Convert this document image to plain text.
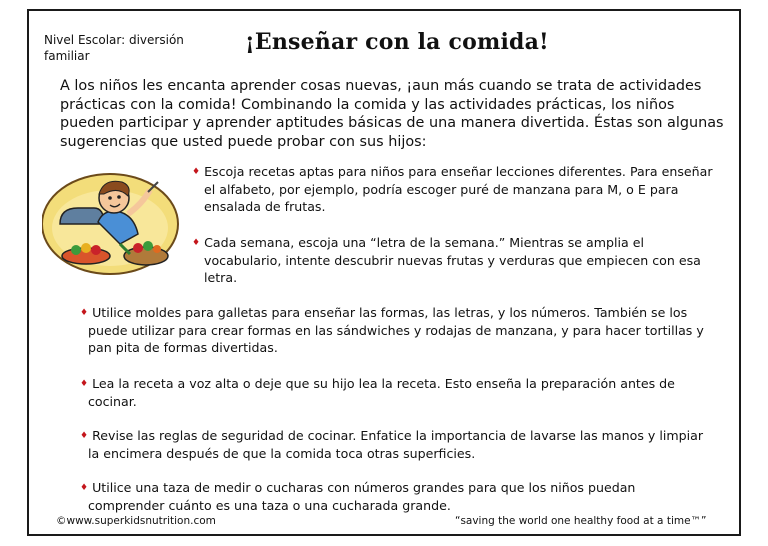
Nivel Escolar: diversión familiar
¡Enseñar con la comida!
A los niños les encanta aprender cosas nuevas, ¡aun más cuando se trata de actividades prácticas con la comida! Combinando la comida y las actividades prácticas, los niños pueden participar y aprender aptitudes básicas de una manera divertida. Éstas son algunas sugerencias que usted puede probar con sus hijos:
♦ Escoja recetas aptas para niños para enseñar lecciones diferentes. Para enseñar el alfabeto, por ejemplo, podría escoger puré de manzana para M, o E para ensalada de frutas.
♦ Cada semana, escoja una “letra de la semana.” Mientras se amplia el vocabulario, intente descubrir nuevas frutas y verduras que empiecen con esa letra.
♦ Utilice moldes para galletas para enseñar las formas, las letras, y los números. También se los puede utilizar para crear formas en las sándwiches y rodajas de manzana, y para hacer tortillas y pan pita de formas divertidas.
♦ Lea la receta a voz alta o deje que su hijo lea la receta. Esto enseña la preparación antes de cocinar.
♦ Revise las reglas de seguridad de cocinar. Enfatice la importancia de lavarse las manos y limpiar la encimera después de que la comida toca otras superficies.
♦ Utilice una taza de medir o cucharas con números grandes para que los niños puedan comprender cuánto es una taza o una cucharada grande.
©www.superkidsnutrition.com	“saving the world one healthy food at a time™”
